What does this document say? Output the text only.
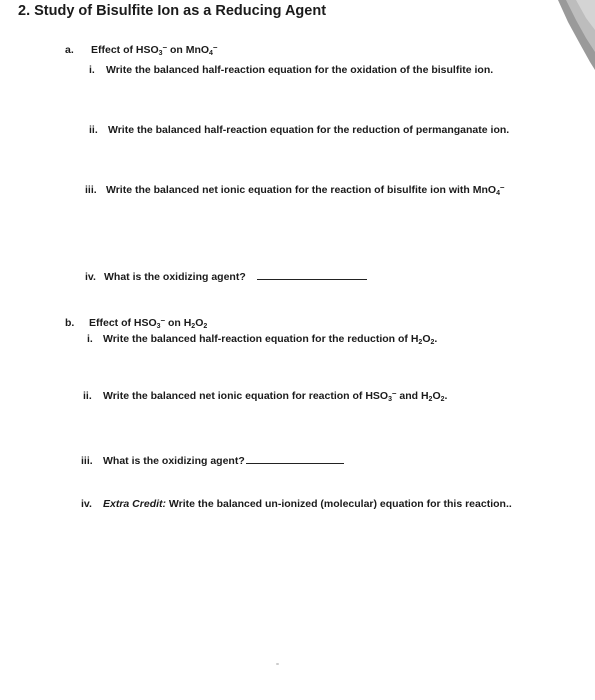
2. Study of Bisulfite Ion as a Reducing Agent
a. Effect of $HSO_3^-$ on MnO$_4$–
i. Write the balanced half-reaction equation for the oxidation of the bisulfite ion.
ii. Write the balanced half-reaction equation for the reduction of permanganate ion.
iii. Write the balanced net ionic equation for the reaction of bisulfite ion with MnO$_4$–
iv. What is the oxidizing agent?
b. Effect of $HSO_3^-$ on $H_2O_2$
i. Write the balanced half-reaction equation for the reduction of $H_2O_2$.
ii. Write the balanced net ionic equation for reaction of $HSO_3^-$ and $H_2O_2$.
iii. What is the oxidizing agent?
iv. Extra Credit: Write the balanced un-ionized (molecular) equation for this reaction..
